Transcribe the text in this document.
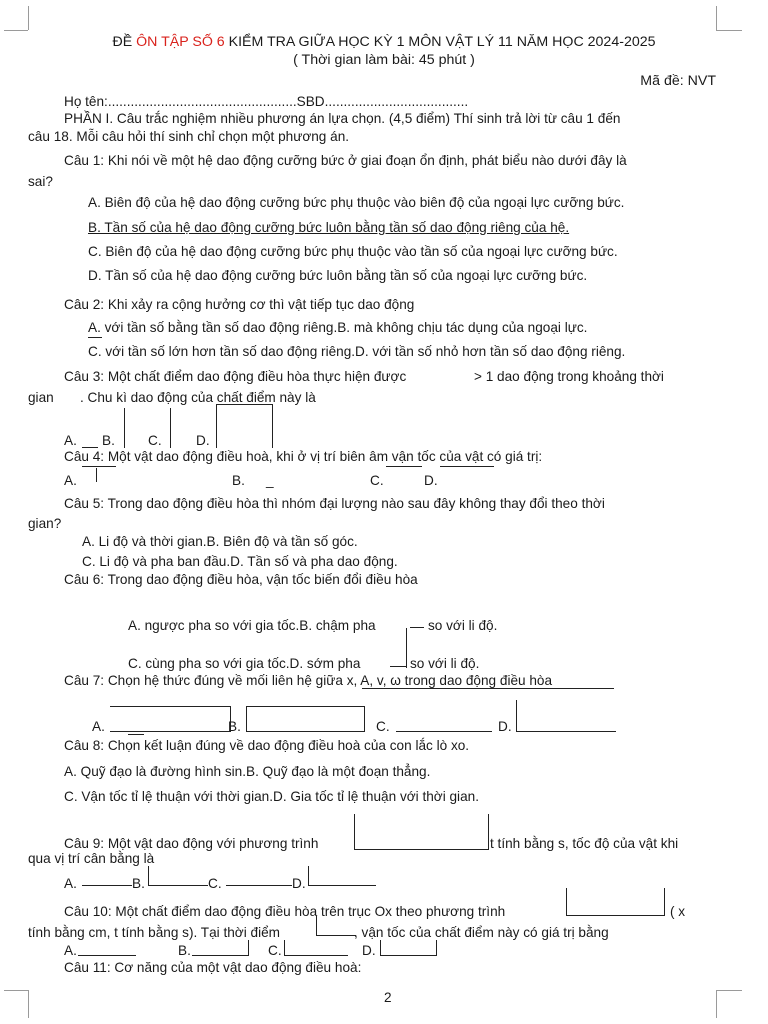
ĐỀ ÔN TẬP SỐ 6 KIỂM TRA GIỮA HỌC KỲ 1 MÔN VẬT LÝ 11 NĂM HỌC 2024-2025
( Thời gian làm bài: 45 phút )
Mã đề: NVT
Họ tên:..................................................SBD......................................
PHẦN I. Câu trắc nghiệm nhiều phương án lựa chọn. (4,5 điểm) Thí sinh trả lời từ câu 1 đến
câu 18. Mỗi câu hỏi thí sinh chỉ chọn một phương án.
Câu 1: Khi nói về một hệ dao động cưỡng bức ở giai đoạn ổn định, phát biểu nào dưới đây là
sai?
A. Biên độ của hệ dao động cưỡng bức phụ thuộc vào biên độ của ngoại lực cưỡng bức.
B. Tần số của hệ dao động cưỡng bức luôn bằng tần số dao động riêng của hệ.
C. Biên độ của hệ dao động cưỡng bức phụ thuộc vào tần số của ngoại lực cưỡng bức.
D. Tần số của hệ dao động cưỡng bức luôn bằng tần số của ngoại lực cưỡng bức.
Câu 2: Khi xảy ra cộng hưởng cơ thì vật tiếp tục dao động
A. với tần số bằng tần số dao động riêng.B. mà không chịu tác dụng của ngoại lực.
C. với tần số lớn hơn tần số dao động riêng.D. với tần số nhỏ hơn tần số dao động riêng.
Câu 3: Một chất điểm dao động điều hòa thực hiện được	> 1 dao động trong khoảng thời
gian . Chu kì dao động của chất điểm này là
A. B. C.	D.
Câu 4: Một vật dao động điều hoà, khi ở vị trí biên âm vận tốc của vật có giá trị:
A.	B. _	C.	D.
Câu 5: Trong dao động điều hòa thì nhóm đại lượng nào sau đây không thay đổi theo thời
gian?
A. Li độ và thời gian.B. Biên độ và tần số góc.
C. Li độ và pha ban đầu.D. Tần số và pha dao động.
Câu 6: Trong dao động điều hòa, vận tốc biến đổi điều hòa
A. ngược pha so với gia tốc.B. chậm pha	so với li độ.
C. cùng pha so với gia tốc.D. sớm pha	so với li độ.
Câu 7: Chọn hệ thức đúng về mối liên hệ giữa x, A, v, ω trong dao động điều hòa
A.	B.	C.	D.
Câu 8: Chọn kết luận đúng về dao động điều hoà của con lắc lò xo.
A. Quỹ đạo là đường hình sin.B. Quỹ đạo là một đoạn thẳng.
C. Vận tốc tỉ lệ thuận với thời gian.D. Gia tốc tỉ lệ thuận với thời gian.
Câu 9: Một vật dao động với phương trình	t tính bằng s, tốc độ của vật khi
qua vị trí cân bằng là
A.	B.	C.	D.
Câu 10: Một chất điểm dao động điều hòa trên trục Ox theo phương trình	( x
tính bằng cm, t tính bằng s). Tại thời điểm	, vận tốc của chất điểm này có giá trị bằng
A.	B.	C.	D.
Câu 11: Cơ năng của một vật dao động điều hoà:
2
